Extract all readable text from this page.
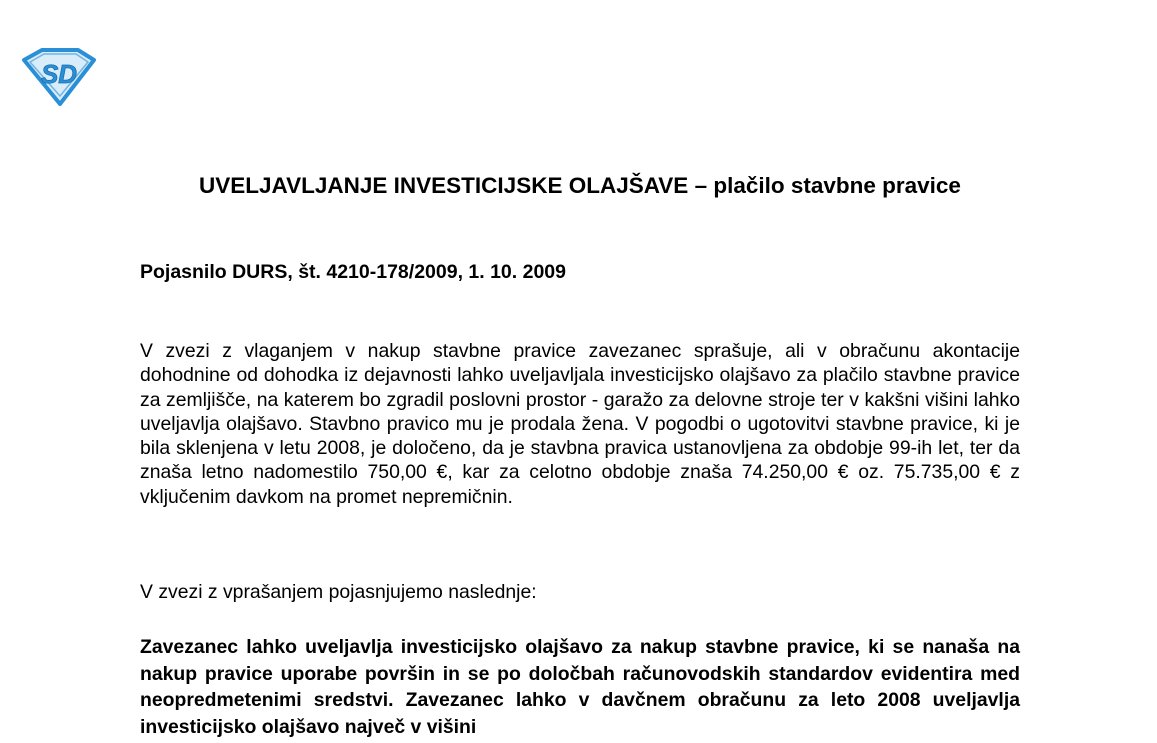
SD
UVELJAVLJANJE INVESTICIJSKE OLAJŠAVE – plačilo stavbne pravice

Pojasnilo DURS, št. 4210-178/2009, 1. 10. 2009

V zvezi z vlaganjem v nakup stavbne pravice zavezanec sprašuje, ali v obračunu akontacije dohodnine od dohodka iz dejavnosti lahko uveljavljala investicijsko olajšavo za plačilo stavbne pravice za zemljišče, na katerem bo zgradil poslovni prostor - garažo za delovne stroje ter v kakšni višini lahko uveljavlja olajšavo. Stavbno pravico mu je prodala žena. V pogodbi o ugotovitvi stavbne pravice, ki je bila sklenjena v letu 2008, je določeno, da je stavbna pravica ustanovljena za obdobje 99-ih let, ter da znaša letno nadomestilo 750,00 €, kar za celotno obdobje znaša 74.250,00 € oz. 75.735,00 € z vključenim davkom na promet nepremičnin.

V zvezi z vprašanjem pojasnjujemo naslednje:

Zavezanec lahko uveljavlja investicijsko olajšavo za nakup stavbne pravice, ki se nanaša na nakup pravice uporabe površin in se po določbah računovodskih standardov evidentira med neopredmetenimi sredstvi. Zavezanec lahko v davčnem obračunu za leto 2008 uveljavlja investicijsko olajšavo največ v višini
